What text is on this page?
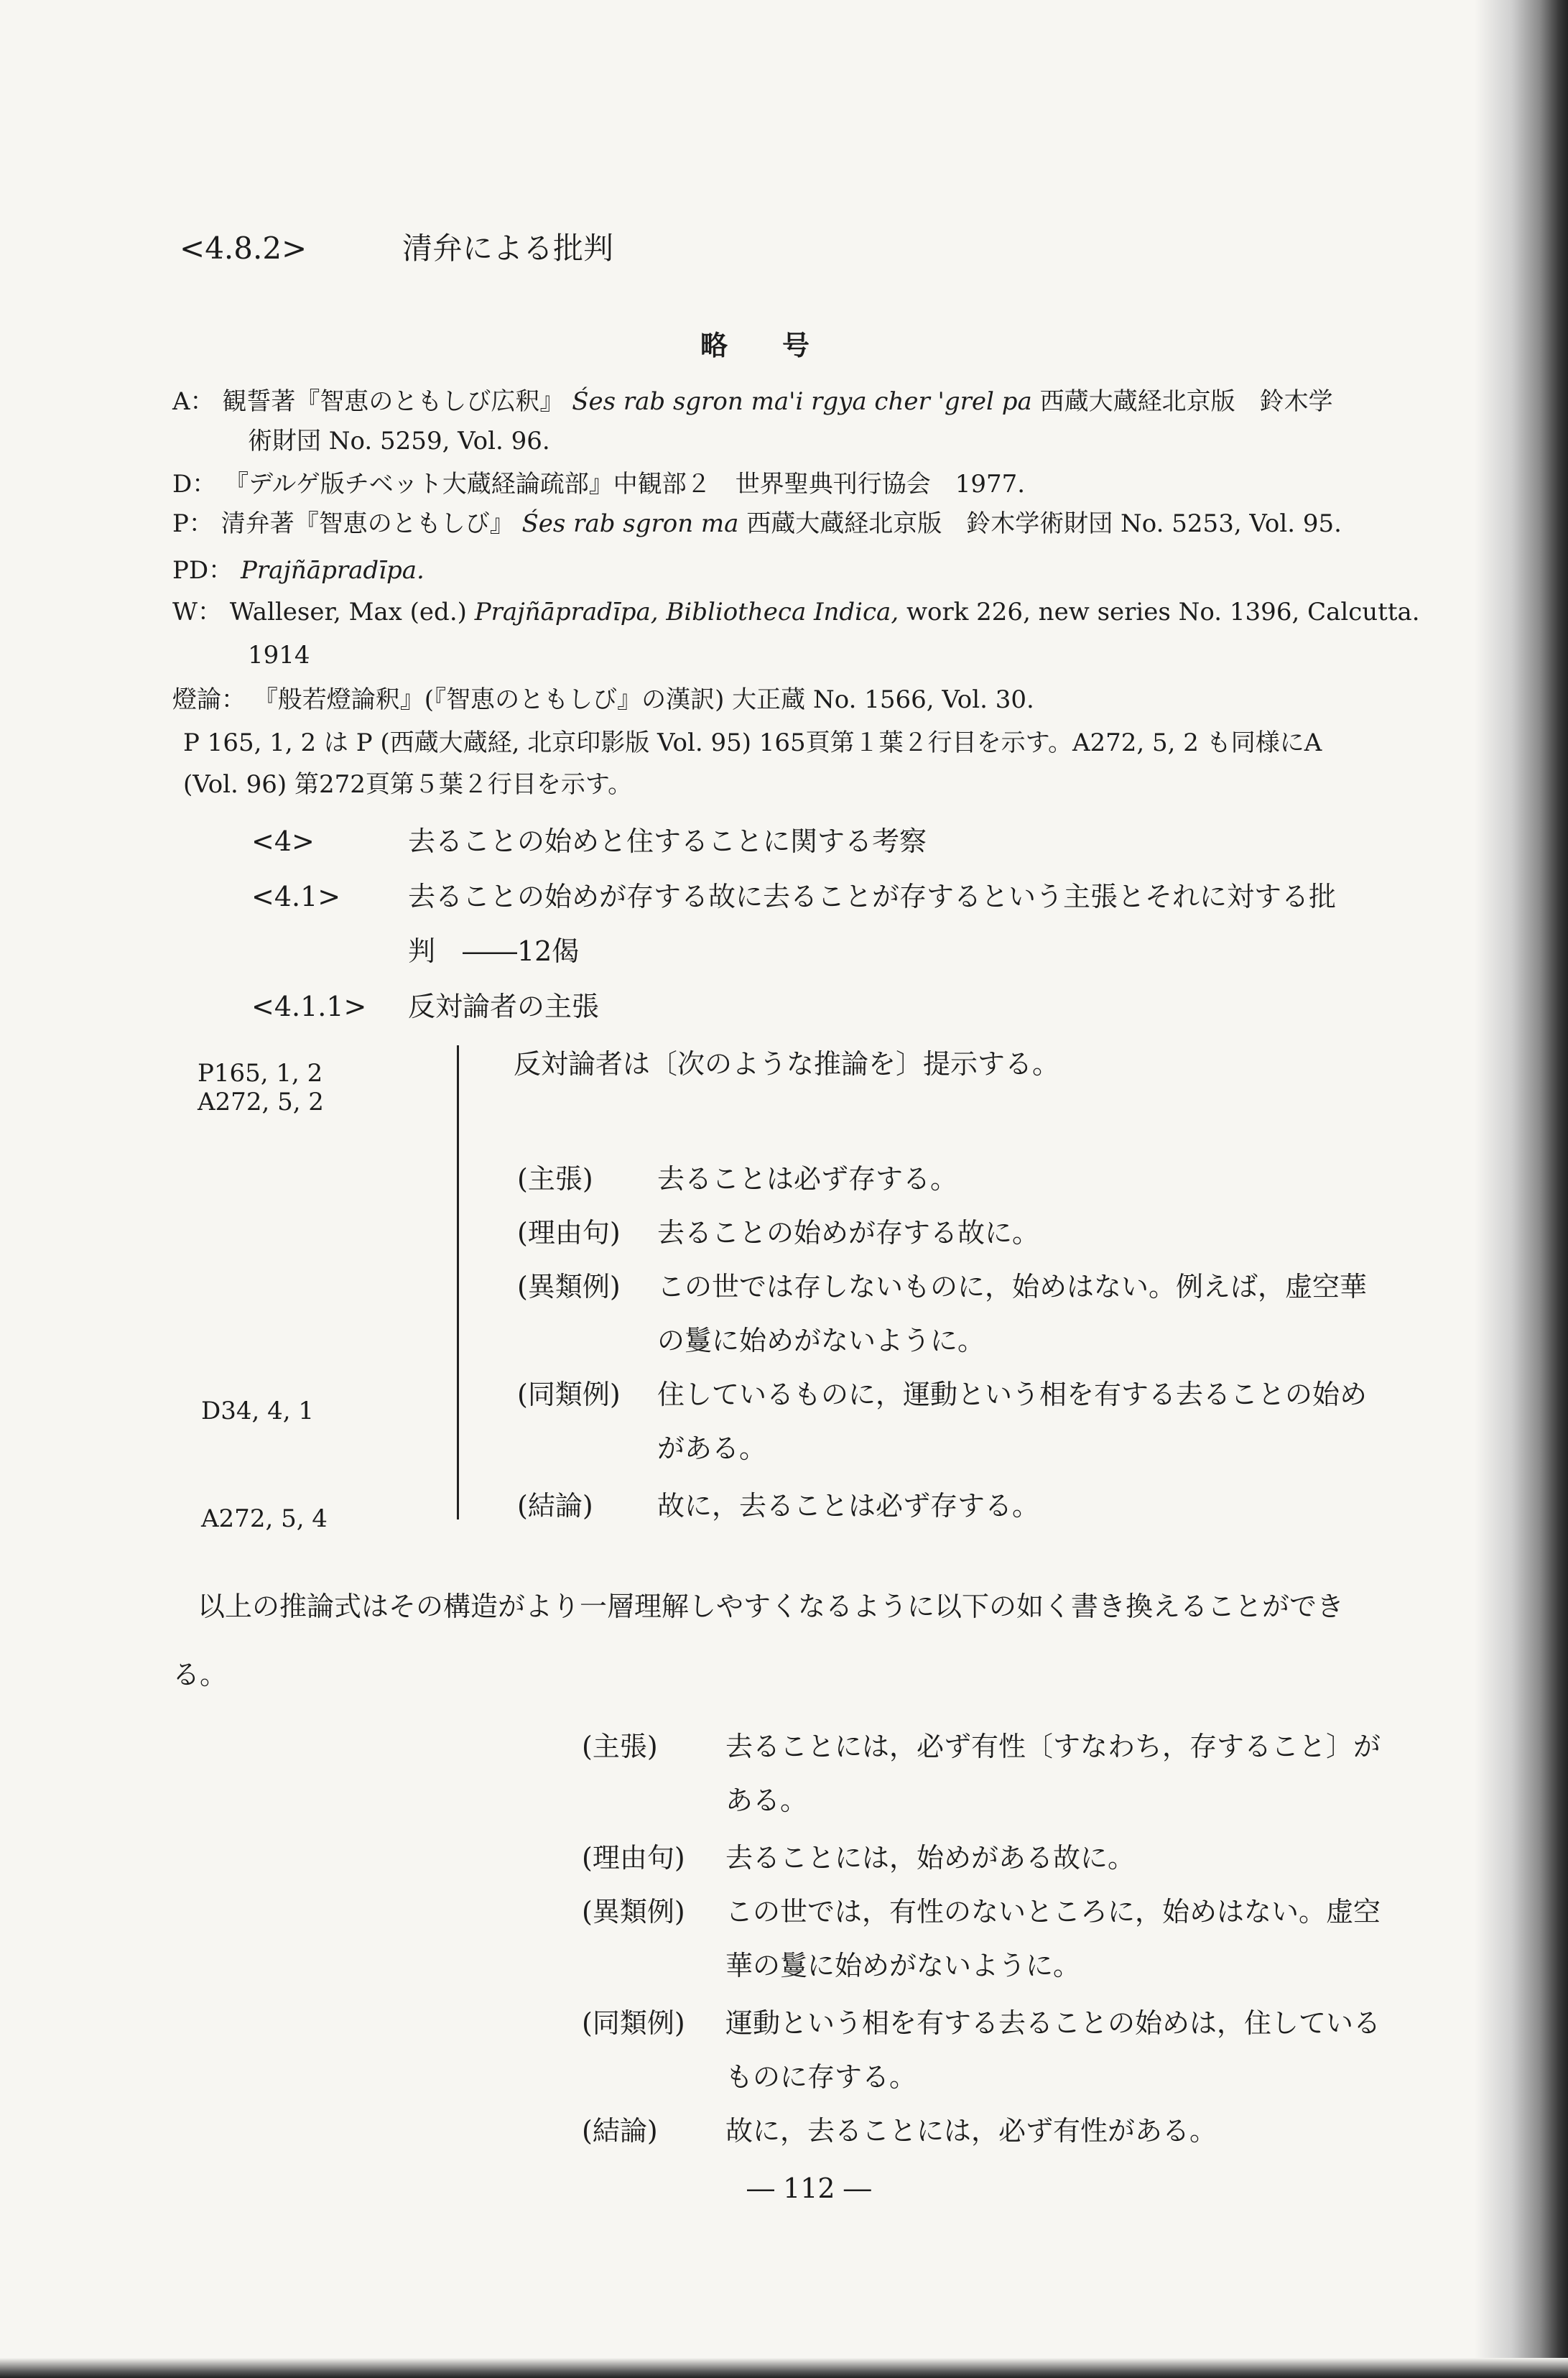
<4.8.2>	清弁による批判
略　　号
A： 観誓著『智恵のともしび広釈』 Śes rab sgron ma'i rgya cher 'grel pa 西蔵大蔵経北京版　鈴木学
術財団 No. 5259, Vol. 96.
D： 『デルゲ版チベット大蔵経論疏部』中観部２　世界聖典刊行協会　1977.
P： 清弁著『智恵のともしび』 Śes rab sgron ma 西蔵大蔵経北京版　鈴木学術財団 No. 5253, Vol. 95.
PD： Prajñāpradīpa.
W： Walleser, Max (ed.) Prajñāpradīpa, Bibliotheca Indica, work 226, new series No. 1396, Calcutta.
1914
燈論： 『般若燈論釈』(『智恵のともしび』の漢訳) 大正蔵 No. 1566, Vol. 30.
P 165, 1, 2 は P (西蔵大蔵経, 北京印影版 Vol. 95) 165頁第１葉２行目を示す。A272, 5, 2 も同様にA
(Vol. 96) 第272頁第５葉２行目を示す。
<4>	去ることの始めと住することに関する考察
<4.1> 去ることの始めが存する故に去ることが存するという主張とそれに対する批
判　――12偈
<4.1.1> 反対論者の主張
P165, 1, 2
A272, 5, 2
D34, 4, 1
A272, 5, 4
反対論者は〔次のような推論を〕提示する。
(主張) 去ることは必ず存する。
(理由句) 去ることの始めが存する故に。
(異類例) この世では存しないものに，始めはない。例えば，虚空華
の鬘に始めがないように。
(同類例) 住しているものに，運動という相を有する去ることの始め
がある。
(結論) 故に，去ることは必ず存する。
以上の推論式はその構造がより一層理解しやすくなるように以下の如く書き換えることができ
る。
(主張) 去ることには，必ず有性〔すなわち，存すること〕が
ある。
(理由句) 去ることには，始めがある故に。
(異類例) この世では，有性のないところに，始めはない。虚空
華の鬘に始めがないように。
(同類例) 運動という相を有する去ることの始めは，住している
ものに存する。
(結論) 故に，去ることには，必ず有性がある。
― 112 ―
